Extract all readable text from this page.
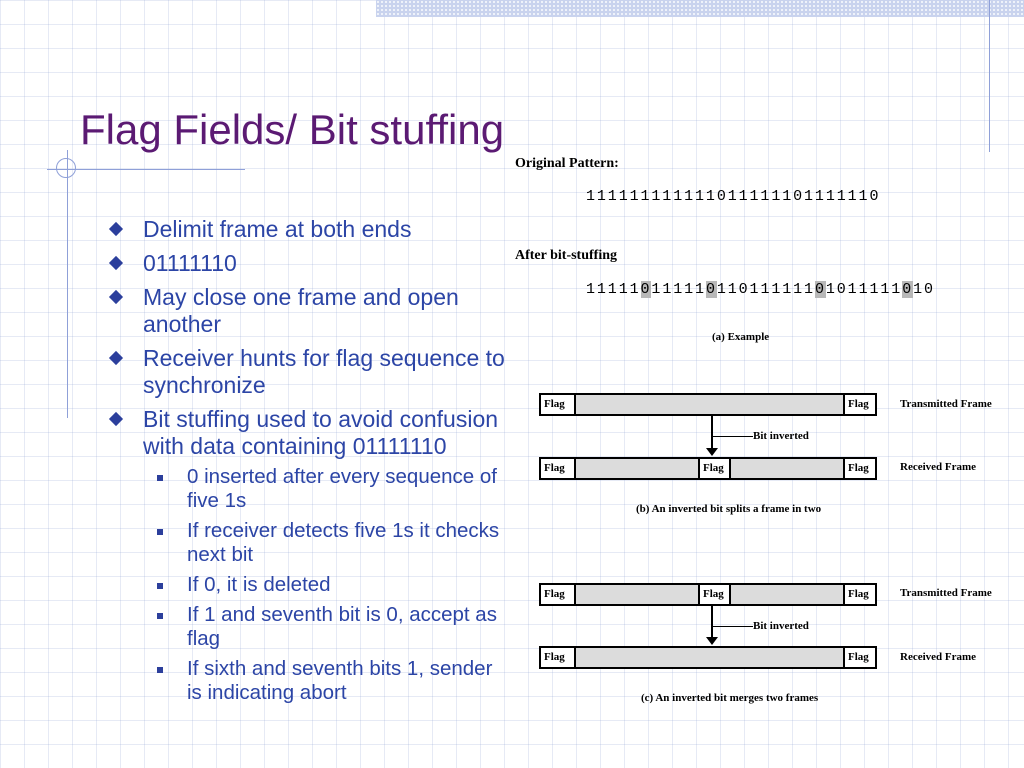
Flag Fields/ Bit stuffing
Delimit frame at both ends
01111110
May close one frame and open another
Receiver hunts for flag sequence to synchronize
Bit stuffing used to avoid confusion with data containing 01111110
0 inserted after every sequence of five 1s
If receiver detects five 1s it checks next bit
If 0, it is deleted
If 1 and seventh bit is 0, accept as flag
If sixth and seventh bits 1, sender is indicating abort
Original Pattern:
111111111111011111101111110
After bit-stuffing
11111011111011011111101011111010
(a) Example
Flag	Flag	Transmitted Frame
Bit inverted
Flag	Flag	Flag	Received Frame
(b) An inverted bit splits a frame in two
Flag	Flag	Flag	Transmitted Frame
Bit inverted
Flag	Flag	Received Frame
(c) An inverted bit merges two frames
